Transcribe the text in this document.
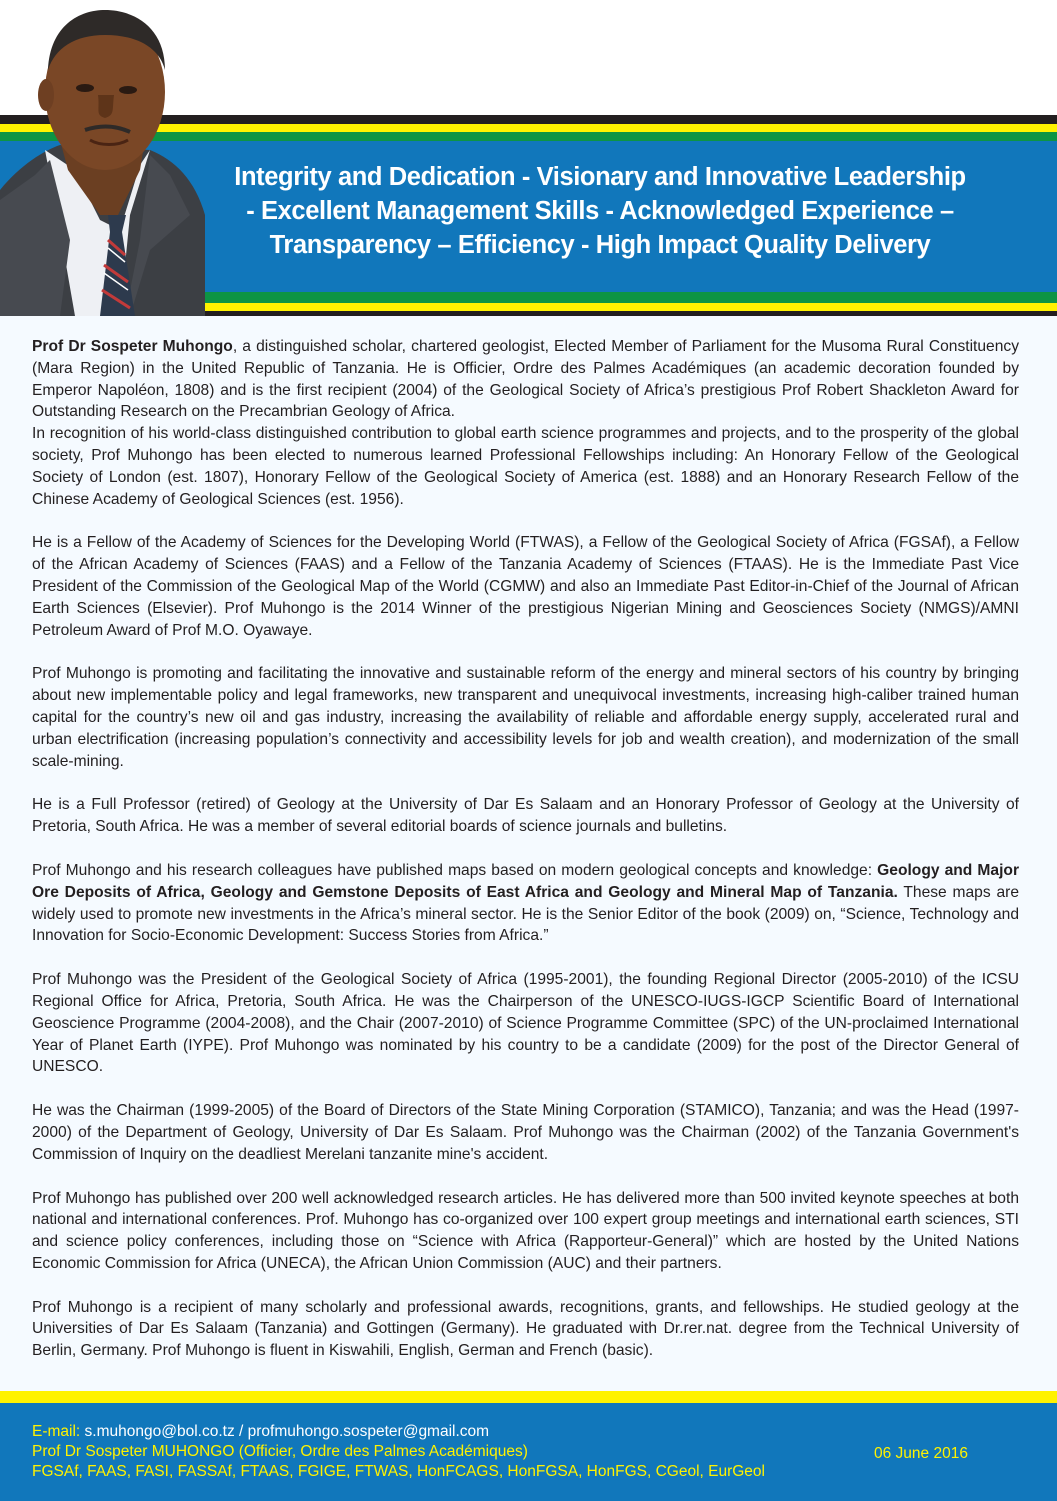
Integrity and Dedication - Visionary and Innovative Leadership
- Excellent Management Skills - Acknowledged Experience –
Transparency – Efficiency - High Impact Quality Delivery

Prof Dr Sospeter Muhongo, a distinguished scholar, chartered geologist, Elected Member of Parliament for the Musoma Rural Constituency (Mara Region) in the United Republic of Tanzania. He is Officier, Ordre des Palmes Académiques (an academic decoration founded by Emperor Napoléon, 1808) and is the first recipient (2004) of the Geological Society of Africa’s prestigious Prof Robert Shackleton Award for Outstanding Research on the Precambrian Geology of Africa.
In recognition of his world-class distinguished contribution to global earth science programmes and projects, and to the prosperity of the global society, Prof Muhongo has been elected to numerous learned Professional Fellowships including: An Honorary Fellow of the Geological Society of London (est. 1807), Honorary Fellow of the Geological Society of America (est. 1888) and an Honorary Research Fellow of the Chinese Academy of Geological Sciences (est. 1956).

He is a Fellow of the Academy of Sciences for the Developing World (FTWAS), a Fellow of the Geological Society of Africa (FGSAf), a Fellow of the African Academy of Sciences (FAAS) and a Fellow of the Tanzania Academy of Sciences (FTAAS). He is the Immediate Past Vice President of the Commission of the Geological Map of the World (CGMW) and also an Immediate Past Editor-in-Chief of the Journal of African Earth Sciences (Elsevier). Prof Muhongo is the 2014 Winner of the prestigious Nigerian Mining and Geosciences Society (NMGS)/AMNI Petroleum Award of Prof M.O. Oyawaye.

Prof Muhongo is promoting and facilitating the innovative and sustainable reform of the energy and mineral sectors of his country by bringing about new implementable policy and legal frameworks, new transparent and unequivocal investments, increasing high-caliber trained human capital for the country’s new oil and gas industry, increasing the availability of reliable and affordable energy supply, accelerated rural and urban electrification (increasing population’s connectivity and accessibility levels for job and wealth creation), and modernization of the small scale-mining.

He is a Full Professor (retired) of Geology at the University of Dar Es Salaam and an Honorary Professor of Geology at the University of Pretoria, South Africa. He was a member of several editorial boards of science journals and bulletins.

Prof Muhongo and his research colleagues have published maps based on modern geological concepts and knowledge: Geology and Major Ore Deposits of Africa, Geology and Gemstone Deposits of East Africa and Geology and Mineral Map of Tanzania. These maps are widely used to promote new investments in the Africa’s mineral sector. He is the Senior Editor of the book (2009) on, “Science, Technology and Innovation for Socio-Economic Development: Success Stories from Africa.”

Prof Muhongo was the President of the Geological Society of Africa (1995-2001), the founding Regional Director (2005-2010) of the ICSU Regional Office for Africa, Pretoria, South Africa. He was the Chairperson of the UNESCO-IUGS-IGCP Scientific Board of International Geoscience Programme (2004-2008), and the Chair (2007-2010) of Science Programme Committee (SPC) of the UN-proclaimed International Year of Planet Earth (IYPE). Prof Muhongo was nominated by his country to be a candidate (2009) for the post of the Director General of UNESCO.

He was the Chairman (1999-2005) of the Board of Directors of the State Mining Corporation (STAMICO), Tanzania; and was the Head (1997-2000) of the Department of Geology, University of Dar Es Salaam. Prof Muhongo was the Chairman (2002) of the Tanzania Government's Commission of Inquiry on the deadliest Merelani tanzanite mine's accident.

Prof Muhongo has published over 200 well acknowledged research articles. He has delivered more than 500 invited keynote speeches at both national and international conferences. Prof. Muhongo has co-organized over 100 expert group meetings and international earth sciences, STI and science policy conferences, including those on “Science with Africa (Rapporteur-General)” which are hosted by the United Nations Economic Commission for Africa (UNECA), the African Union Commission (AUC) and their partners.

Prof Muhongo is a recipient of many scholarly and professional awards, recognitions, grants, and fellowships. He studied geology at the Universities of Dar Es Salaam (Tanzania) and Gottingen (Germany). He graduated with Dr.rer.nat. degree from the Technical University of Berlin, Germany. Prof Muhongo is fluent in Kiswahili, English, German and French (basic).

E-mail: s.muhongo@bol.co.tz / profmuhongo.sospeter@gmail.com
Prof Dr Sospeter MUHONGO (Officier, Ordre des Palmes Académiques)
FGSAf, FAAS, FASI, FASSAf, FTAAS, FGIGE, FTWAS, HonFCAGS, HonFGSA, HonFGS, CGeol, EurGeol
06 June 2016
